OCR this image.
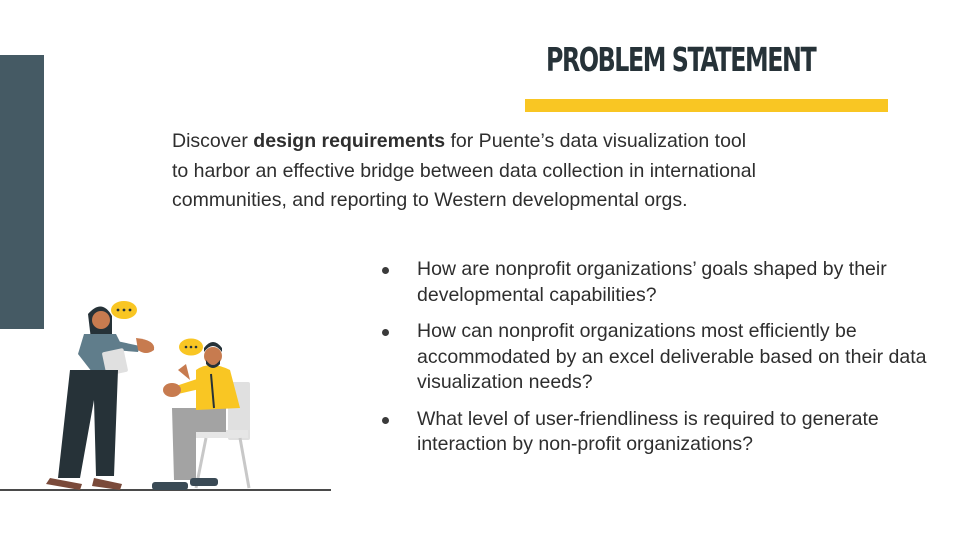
PROBLEM STATEMENT

Discover design requirements for Puente’s data visualization tool to harbor an effective bridge between data collection in international communities, and reporting to Western developmental orgs.

How are nonprofit organizations’ goals shaped by their developmental capabilities?
How can nonprofit organizations most efficiently be accommodated by an excel deliverable based on their data visualization needs?
What level of user-friendliness is required to generate interaction by non-profit organizations?
